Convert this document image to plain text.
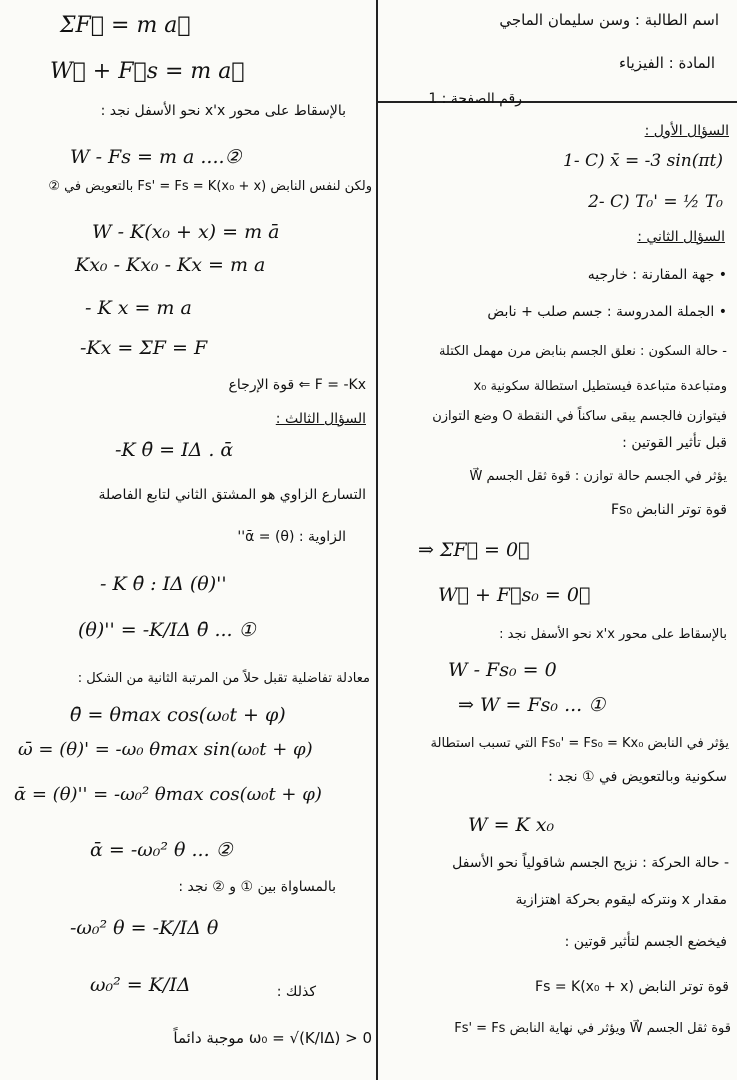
اسم الطالبة : وسن سليمان الماجي
المادة : الفيزياء
رقم الصفحة : 1
السؤال الأول :
1- C) x̄ = -3 sin(πt)
2- C) T₀' = ½ T₀
السؤال الثاني :
• جهة المقارنة : خارجيه
• الجملة المدروسة : جسم صلب + نابض
- حالة السكون : نعلق الجسم بنابض مرن مهمل الكتلة
ومتباعدة متباعدة فيستطيل استطالة سكونية x₀
فيتوازن فالجسم يبقى ساكناً في النقطة O وضع التوازن
قبل تأثير القوتين :
يؤثر في الجسم حالة توازن : قوة ثقل الجسم W⃗
قوة توتر النابض Fs₀
⇒ ΣF⃗ = 0⃗
W⃗ + F⃗s₀ = 0⃗
بالإسقاط على محور x'x نحو الأسفل نجد :
W - Fs₀ = 0
⇒ W = Fs₀ ... ①
يؤثر في النابض Fs₀' = Fs₀ = Kx₀ التي تسبب استطالة
سكونية وبالتعويض في ① نجد :
W = K x₀
- حالة الحركة : نزيح الجسم شاقولياً نحو الأسفل
مقدار x ونتركه ليقوم بحركة اهتزازية
فيخضع الجسم لتأثير قوتين :
قوة توتر النابض Fs = K(x₀ + x)
قوة ثقل الجسم W⃗ ويؤثر في نهاية النابض Fs' = Fs
ΣF⃗ = m a⃗
W⃗ + F⃗s = m a⃗
بالإسقاط على محور x'x نحو الأسفل نجد :
W - Fs = m a ....②
ولكن لنفس النابض Fs' = Fs = K(x₀ + x) بالتعويض في ②
W - K(x₀ + x) = m ā
Kx₀ - Kx₀ - Kx = m a
- K x = m a
-Kx = ΣF = F
F = -Kx ⇐ قوة الإرجاع
السؤال الثالث :
-K θ̄ = IΔ . ᾱ
التسارع الزاوي هو المشتق الثاني لتابع الفاصلة
الزاوية : ᾱ = (θ)''
- K θ̄ : IΔ (θ)''
(θ)'' = -K/IΔ θ̄ ... ①
معادلة تفاضلية تقبل حلاً من المرتبة الثانية من الشكل :
θ̄ = θmax cos(ω₀t + φ)
ω̄ = (θ)' = -ω₀ θmax sin(ω₀t + φ)
ᾱ = (θ)'' = -ω₀² θmax cos(ω₀t + φ)
ᾱ = -ω₀² θ ... ②
بالمساواة بين ① و ② نجد :
-ω₀² θ = -K/IΔ θ
ω₀² = K/IΔ	كذلك :
ω₀ = √(K/IΔ) > 0 موجبة دائماً
